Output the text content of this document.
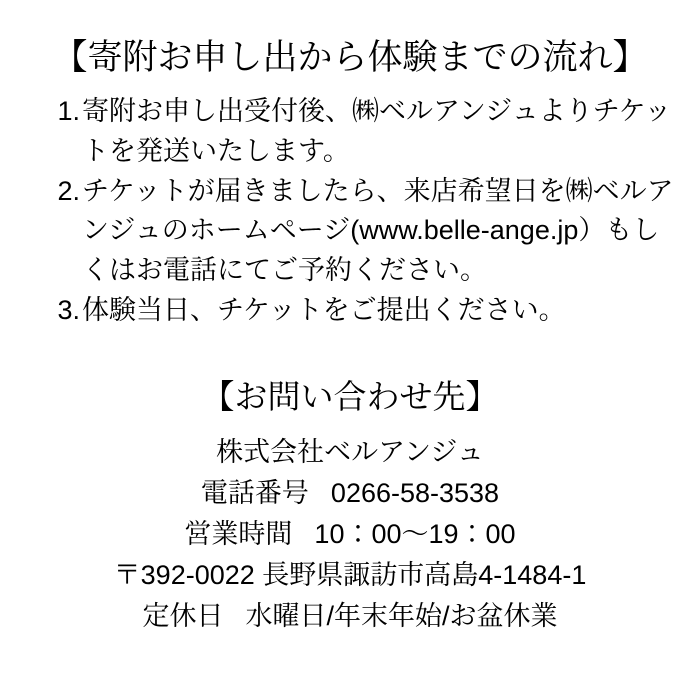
【寄附お申し出から体験までの流れ】
1. 寄附お申し出受付後、㈱ベルアンジュよりチケットを発送いたします。
2. チケットが届きましたら、来店希望日を㈱ベルアンジュのホームページ(www.belle-ange.jp）もしくはお電話にてご予約ください。
3. 体験当日、チケットをご提出ください。
【お問い合わせ先】
株式会社ベルアンジュ
電話番号 0266-58-3538
営業時間 10：00〜19：00
〒392-0022 長野県諏訪市高島4-1484-1
定休日 水曜日/年末年始/お盆休業
